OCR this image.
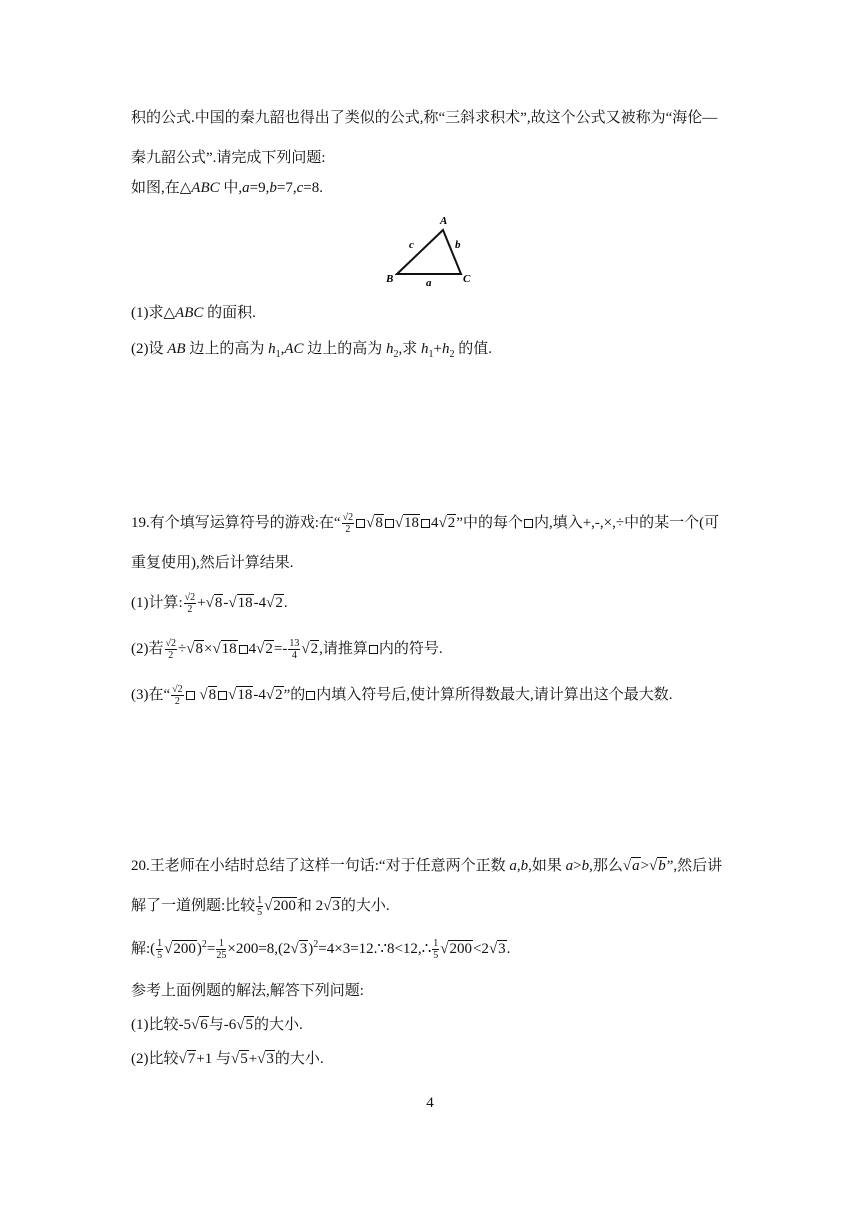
积的公式.中国的秦九韶也得出了类似的公式,称“三斜求积术”,故这个公式又被称为“海伦—
秦九韶公式”.请完成下列问题:
如图,在△ABC 中,a=9,b=7,c=8.
A
B	C
a
b
c
(1)求△ABC 的面积.
(2)设 AB 边上的高为 $h_1,AC$ 边上的高为 $h_2$,求 $h_1+h_2$ 的值.
19.有个填写运算符号的游戏:在“ $\frac{√2}{2} √8$ √18 4√2”中的每个 内,填入+,-,×,÷中的某一个(可
重复使用),然后计算结果.
(1)计算: $\frac{√2}{2} +√8-√18-4√2$.
(2)若 $\frac{√2}{2} \div√8\times√18$ $4√2=- \frac{13}{4} √2$,请推算 内的符号.
(3)在“ $\frac{√2}{2} √8$ √18-4√2”的 内填入符号后,使计算所得数最大,请计算出这个最大数.
20.王老师在小结时总结了这样一句话:“对于任意两个正数 a,b,如果 a>b,那么√a>√b”,然后讲
解了一道例题:比较 $\frac{1}{5} √200$和 2√3的大小.
解:( $\frac{1}{5} √200)^2= \frac{1}{25}$ $\times 200=8,(2√3)^2=4\times 3=12.\because 8<12,\therefore \frac{1}{5} √200<2√3$.
参考上面例题的解法,解答下列问题:
(1)比较-5√6与-6√5的大小.
(2)比较√7+1 与√5+√3的大小.
4
